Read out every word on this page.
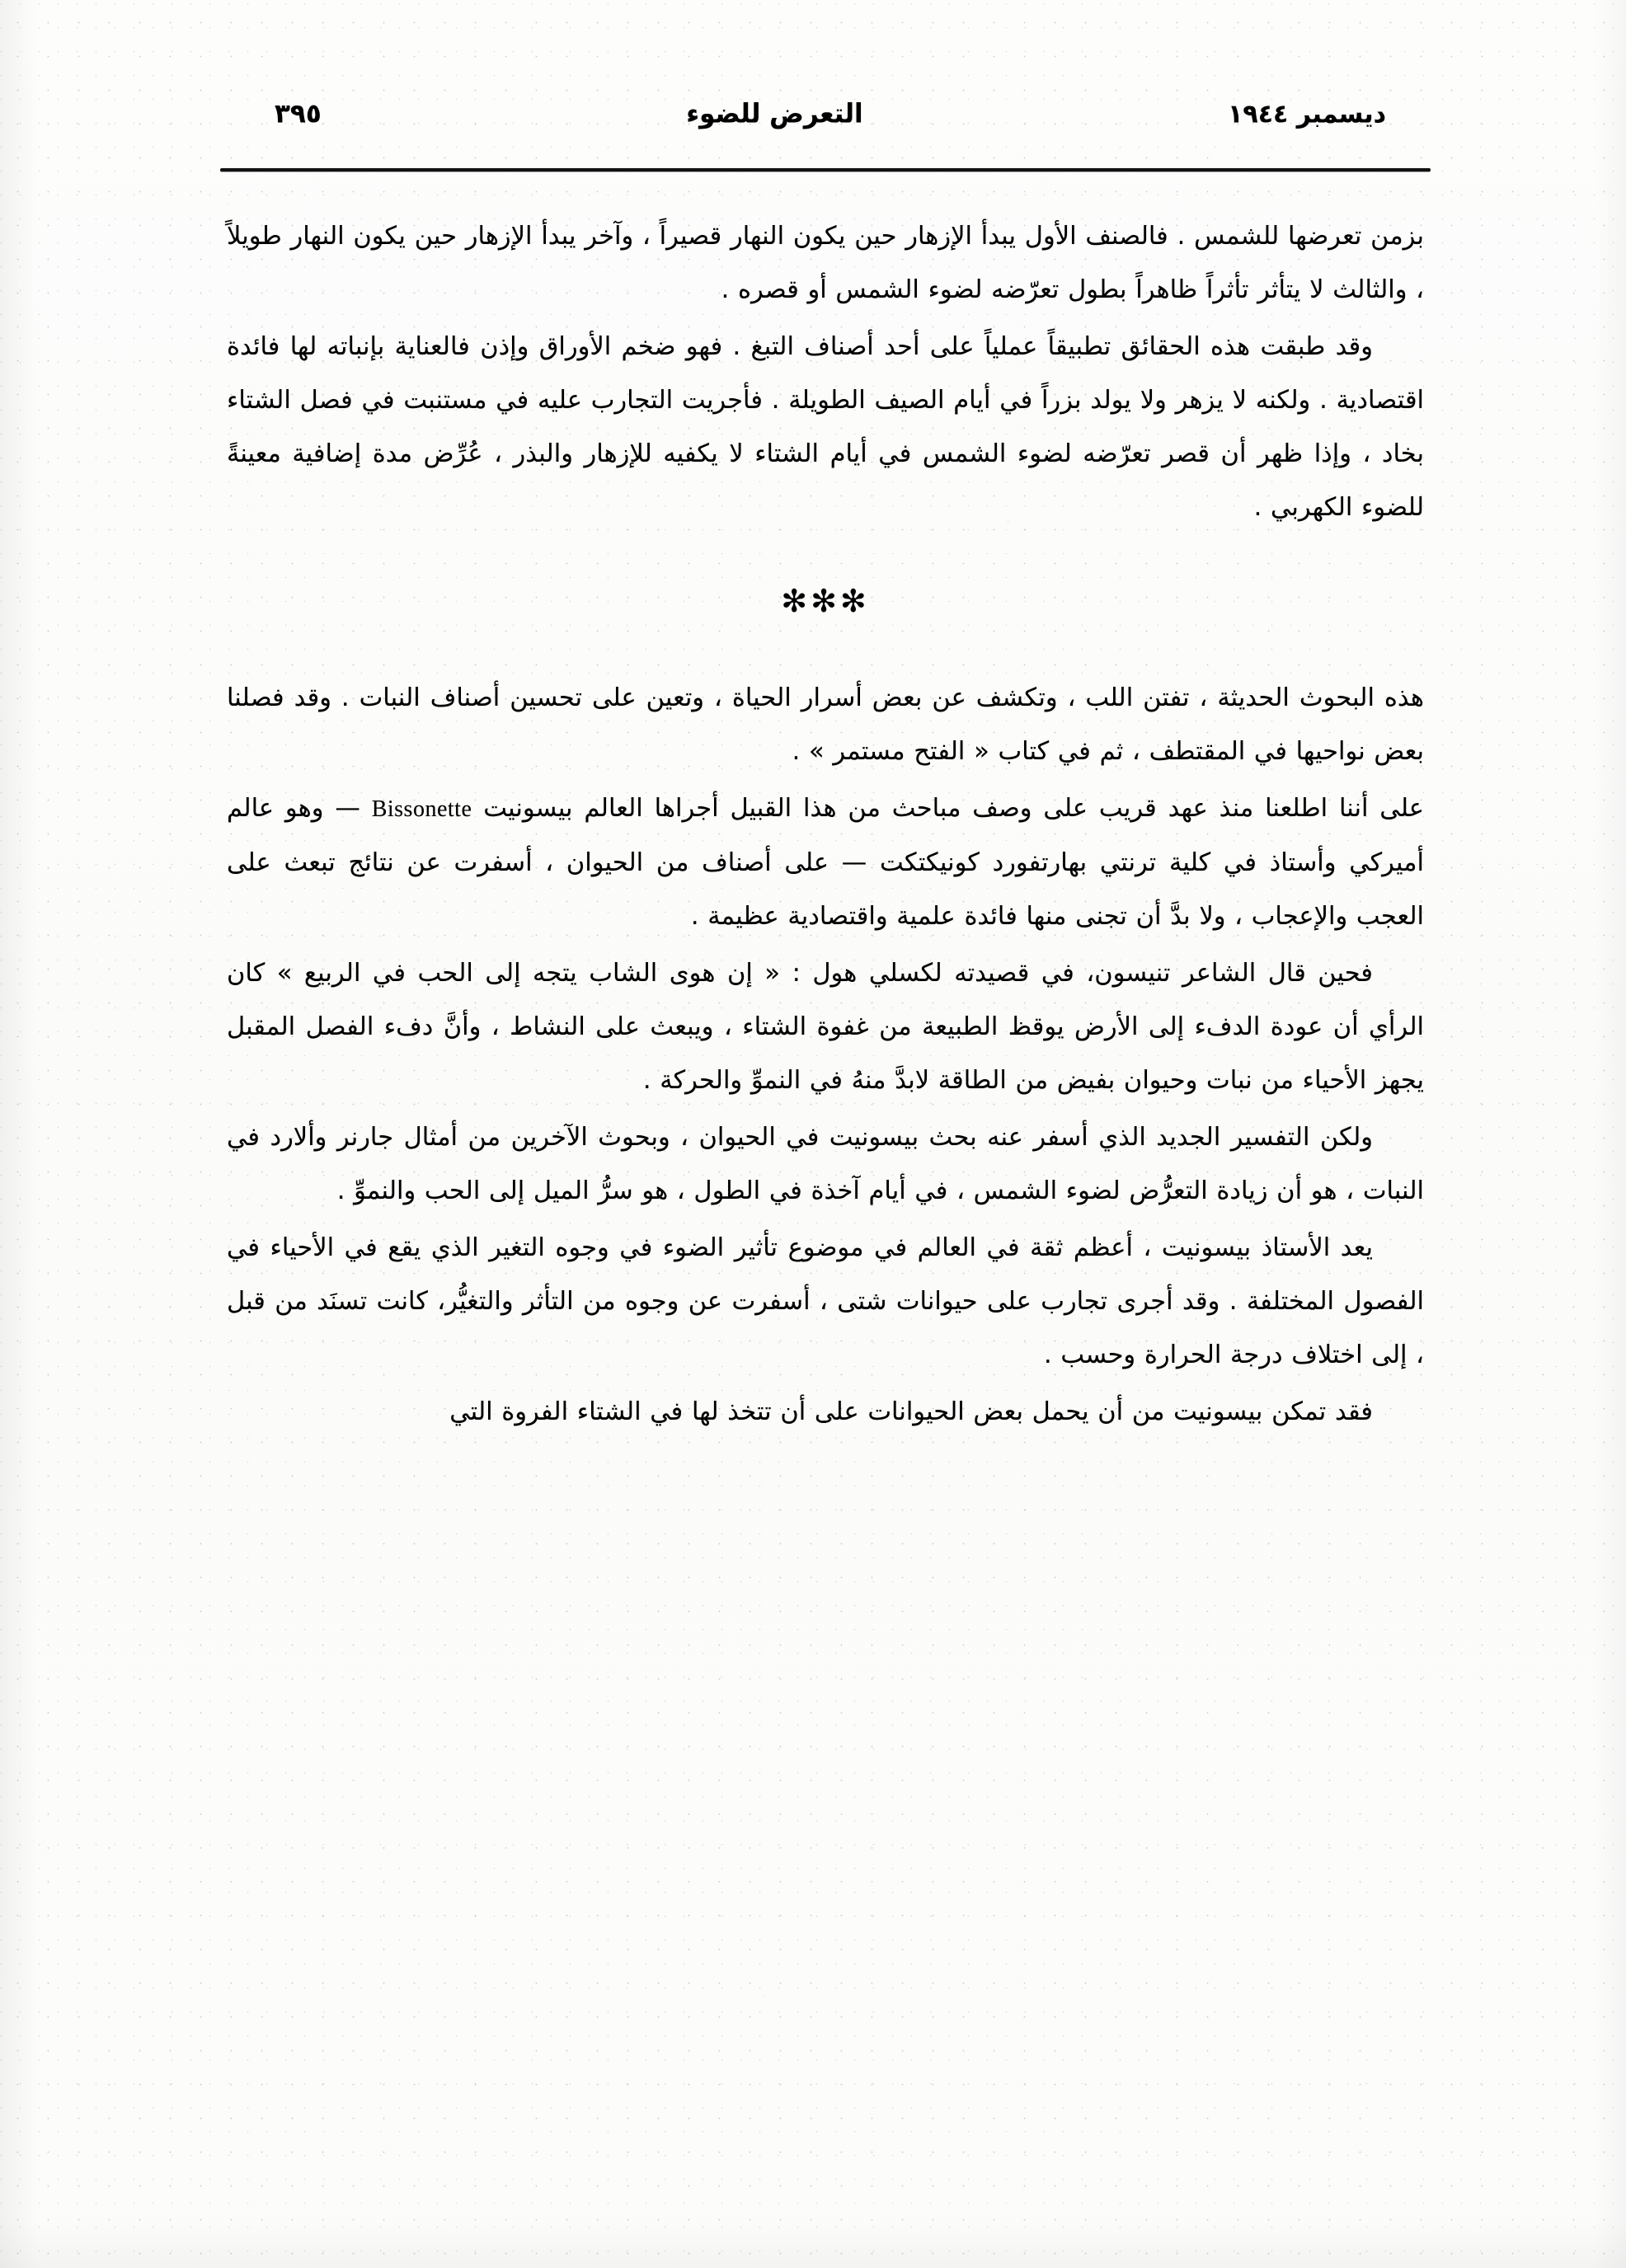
ديسمبر ١٩٤٤
التعرض للضوء
٣٩٥

بزمن تعرضها للشمس . فالصنف الأول يبدأ الإزهار حين يكون النهار قصيراً ، وآخر يبدأ الإزهار حين يكون النهار طويلاً ، والثالث لا يتأثر تأثراً ظاهراً بطول تعرّضه لضوء الشمس أو قصره .

وقد طبقت هذه الحقائق تطبيقاً عملياً على أحد أصناف التبغ . فهو ضخم الأوراق وإذن فالعناية بإنباته لها فائدة اقتصادية . ولكنه لا يزهر ولا يولد بزراً في أيام الصيف الطويلة . فأجريت التجارب عليه في مستنبت في فصل الشتاء بخاد ، وإذا ظهر أن قصر تعرّضه لضوء الشمس في أيام الشتاء لا يكفيه للإزهار والبذر ، عُرِّض مدة إضافية معينةً للضوء الكهربي .

✻✻✻

هذه البحوث الحديثة ، تفتن اللب ، وتكشف عن بعض أسرار الحياة ، وتعين على تحسين أصناف النبات . وقد فصلنا بعض نواحيها في المقتطف ، ثم في كتاب « الفتح مستمر » .

على أننا اطلعنا منذ عهد قريب على وصف مباحث من هذا القبيل أجراها العالم بيسونيت Bissonette — وهو عالم أميركي وأستاذ في كلية ترنتي بهارتفورد كونيكتكت — على أصناف من الحيوان ، أسفرت عن نتائج تبعث على العجب والإعجاب ، ولا بدَّ أن تجنى منها فائدة علمية واقتصادية عظيمة .

فحين قال الشاعر تنيسون، في قصيدته لكسلي هول : « إن هوى الشاب يتجه إلى الحب في الربيع » كان الرأي أن عودة الدفء إلى الأرض يوقظ الطبيعة من غفوة الشتاء ، ويبعث على النشاط ، وأنَّ دفء الفصل المقبل يجهز الأحياء من نبات وحيوان بفيض من الطاقة لابدَّ منهُ في النموِّ والحركة .

ولكن التفسير الجديد الذي أسفر عنه بحث بيسونيت في الحيوان ، وبحوث الآخرين من أمثال جارنر وألارد في النبات ، هو أن زيادة التعرُّض لضوء الشمس ، في أيام آخذة في الطول ، هو سرُّ الميل إلى الحب والنموِّ .

يعد الأستاذ بيسونيت ، أعظم ثقة في العالم في موضوع تأثير الضوء في وجوه التغير الذي يقع في الأحياء في الفصول المختلفة . وقد أجرى تجارب على حيوانات شتى ، أسفرت عن وجوه من التأثر والتغيُّر، كانت تسنَد من قبل ، إلى اختلاف درجة الحرارة وحسب .

فقد تمكن بيسونيت من أن يحمل بعض الحيوانات على أن تتخذ لها في الشتاء الفروة التي
